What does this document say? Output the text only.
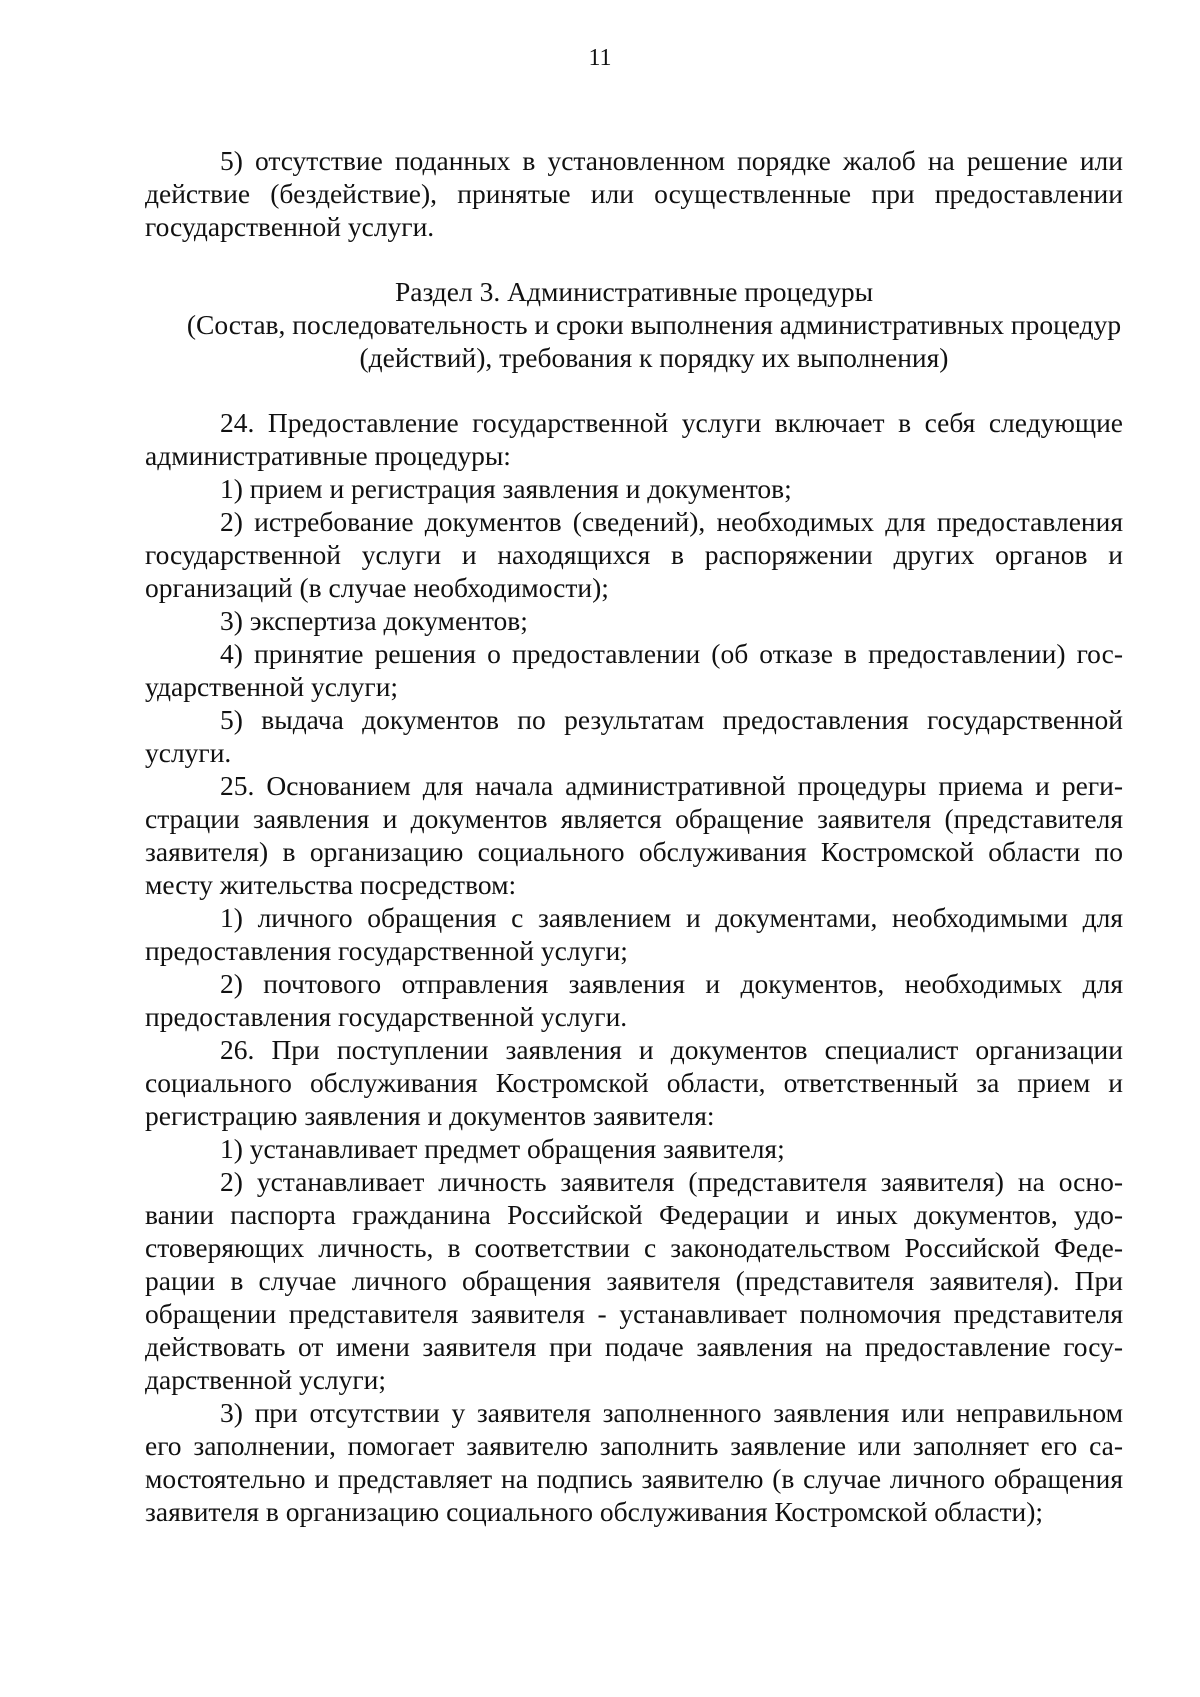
11

5) отсутствие поданных в установленном порядке жалоб на решение или действие (бездействие), принятые или осуществленные при предоставлении государственной услуги.

Раздел 3. Административные процедуры

(Состав, последовательность и сроки выполнения административных процедур (действий), требования к порядку их выполнения)

24. Предоставление государственной услуги включает в себя следующие административные процедуры:

1) прием и регистрация заявления и документов;

2) истребование документов (сведений), необходимых для предоставления государственной услуги и находящихся в распоряжении других органов и организаций (в случае необходимости);

3) экспертиза документов;

4) принятие решения о предоставлении (об отказе в предоставлении) государственной услуги;

5) выдача документов по результатам предоставления государственной услуги.

25. Основанием для начала административной процедуры приема и регистрации заявления и документов является обращение заявителя (представителя заявителя) в организацию социального обслуживания Костромской области по месту жительства посредством:

1) личного обращения с заявлением и документами, необходимыми для предоставления государственной услуги;

2) почтового отправления заявления и документов, необходимых для предоставления государственной услуги.

26. При поступлении заявления и документов специалист организации социального обслуживания Костромской области, ответственный за прием и регистрацию заявления и документов заявителя:

1) устанавливает предмет обращения заявителя;

2) устанавливает личность заявителя (представителя заявителя) на основании паспорта гражданина Российской Федерации и иных документов, удостоверяющих личность, в соответствии с законодательством Российской Федерации в случае личного обращения заявителя (представителя заявителя). При обращении представителя заявителя - устанавливает полномочия представителя действовать от имени заявителя при подаче заявления на предоставление государственной услуги;

3) при отсутствии у заявителя заполненного заявления или неправильном его заполнении, помогает заявителю заполнить заявление или заполняет его самостоятельно и представляет на подпись заявителю (в случае личного обращения заявителя в организацию социального обслуживания Костромской области);
